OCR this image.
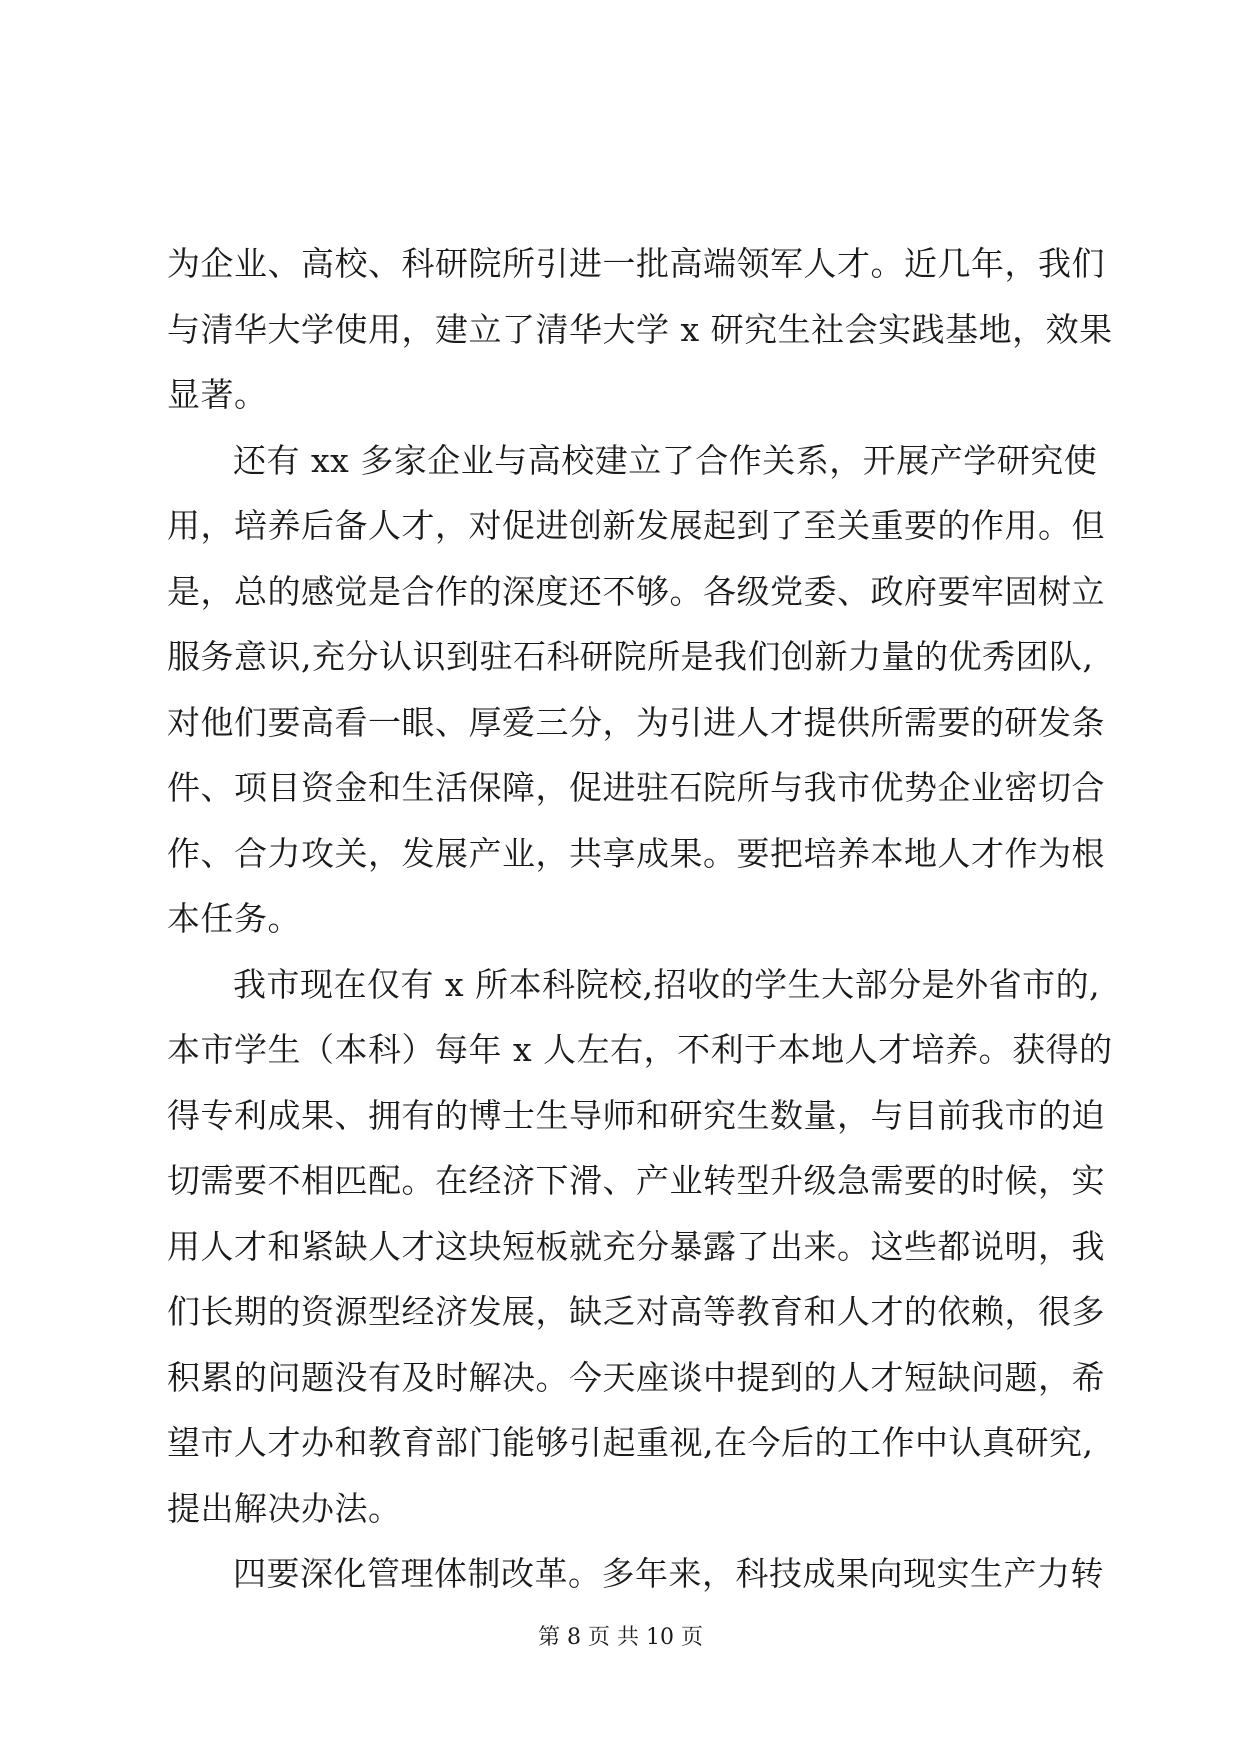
为企业、高校、科研院所引进一批高端领军人才。近几年，我们
与清华大学使用，建立了清华大学 x 研究生社会实践基地，效果
显著。
还有 xx 多家企业与高校建立了合作关系，开展产学研究使
用，培养后备人才，对促进创新发展起到了至关重要的作用。但
是，总的感觉是合作的深度还不够。各级党委、政府要牢固树立
服务意识,充分认识到驻石科研院所是我们创新力量的优秀团队,
对他们要高看一眼、厚爱三分，为引进人才提供所需要的研发条
件、项目资金和生活保障，促进驻石院所与我市优势企业密切合
作、合力攻关，发展产业，共享成果。要把培养本地人才作为根
本任务。
我市现在仅有 x 所本科院校,招收的学生大部分是外省市的,
本市学生（本科）每年 x 人左右，不利于本地人才培养。获得的
得专利成果、拥有的博士生导师和研究生数量，与目前我市的迫
切需要不相匹配。在经济下滑、产业转型升级急需要的时候，实
用人才和紧缺人才这块短板就充分暴露了出来。这些都说明，我
们长期的资源型经济发展，缺乏对高等教育和人才的依赖，很多
积累的问题没有及时解决。今天座谈中提到的人才短缺问题，希
望市人才办和教育部门能够引起重视,在今后的工作中认真研究,
提出解决办法。
四要深化管理体制改革。多年来，科技成果向现实生产力转
第 8 页 共 10 页
